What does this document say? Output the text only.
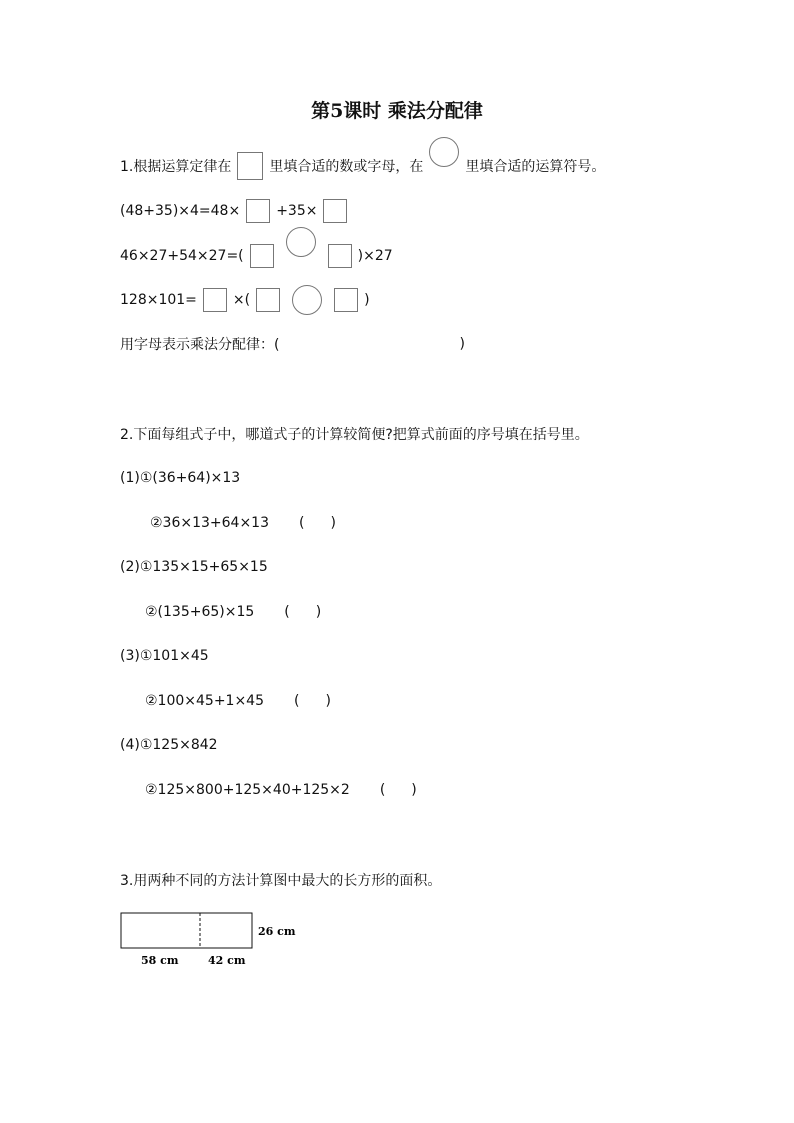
第5课时 乘法分配律
1.根据运算定律在	里填合适的数或字母，在	里填合适的运算符号。
(48+35)×4=48×	+35×
46×27+54×27=(	)×27
128×101=	×(	)
用字母表示乘法分配律：(	)
2.下面每组式子中，哪道式子的计算较简便?把算式前面的序号填在括号里。
(1)①(36+64)×13
②36×13+64×13 ( )
(2)①135×15+65×15
②(135+65)×15 ( )
(3)①101×45
②100×45+1×45 ( )
(4)①125×842
②125×800+125×40+125×2 ( )
3.用两种不同的方法计算图中最大的长方形的面积。
26 cm
58 cm	42 cm
